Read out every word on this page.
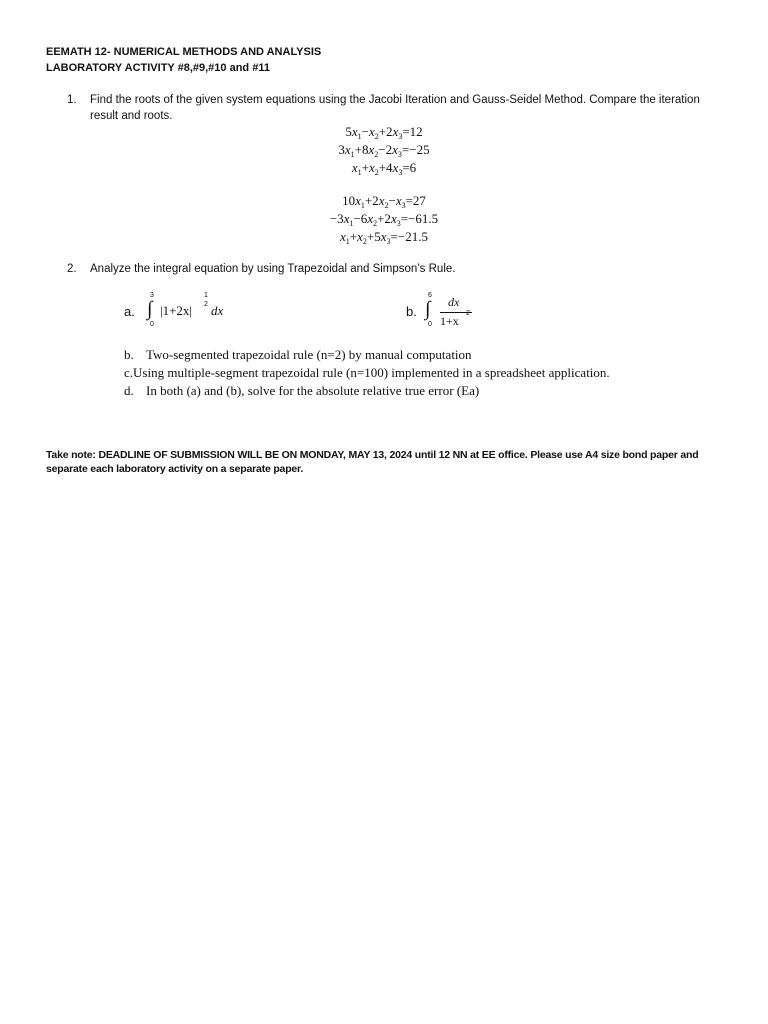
EEMATH 12- NUMERICAL METHODS AND ANALYSIS
LABORATORY ACTIVITY #8,#9,#10 and #11
1. Find the roots of the given system equations using the Jacobi Iteration and Gauss-Seidel Method. Compare the iteration result and roots.
$5x_1-x_2+2x_3=12$
$3x_1+8x_2-2x_3=-25$
$x_1+x_2+4x_3=6$
$10x_1+2x_2-x_3=27$
$-3x_1-6x_2+2x_3=-61.5$
$x_1+x_2+5x_3=-21.5$
2. Analyze the integral equation by using Trapezoidal and Simpson’s Rule.
a.
3
∫
0
|1+2x|
1
2 dx	b.
6
∫
0
dx
1+x
2
b. Two-segmented trapezoidal rule (n=2) by manual computation
c.Using multiple-segment trapezoidal rule (n=100) implemented in a spreadsheet application.
d. In both (a) and (b), solve for the absolute relative true error (Ea)
Take note: DEADLINE OF SUBMISSION WILL BE ON MONDAY, MAY 13, 2024 until 12 NN at EE office. Please use A4 size bond paper and separate each laboratory activity on a separate paper.
